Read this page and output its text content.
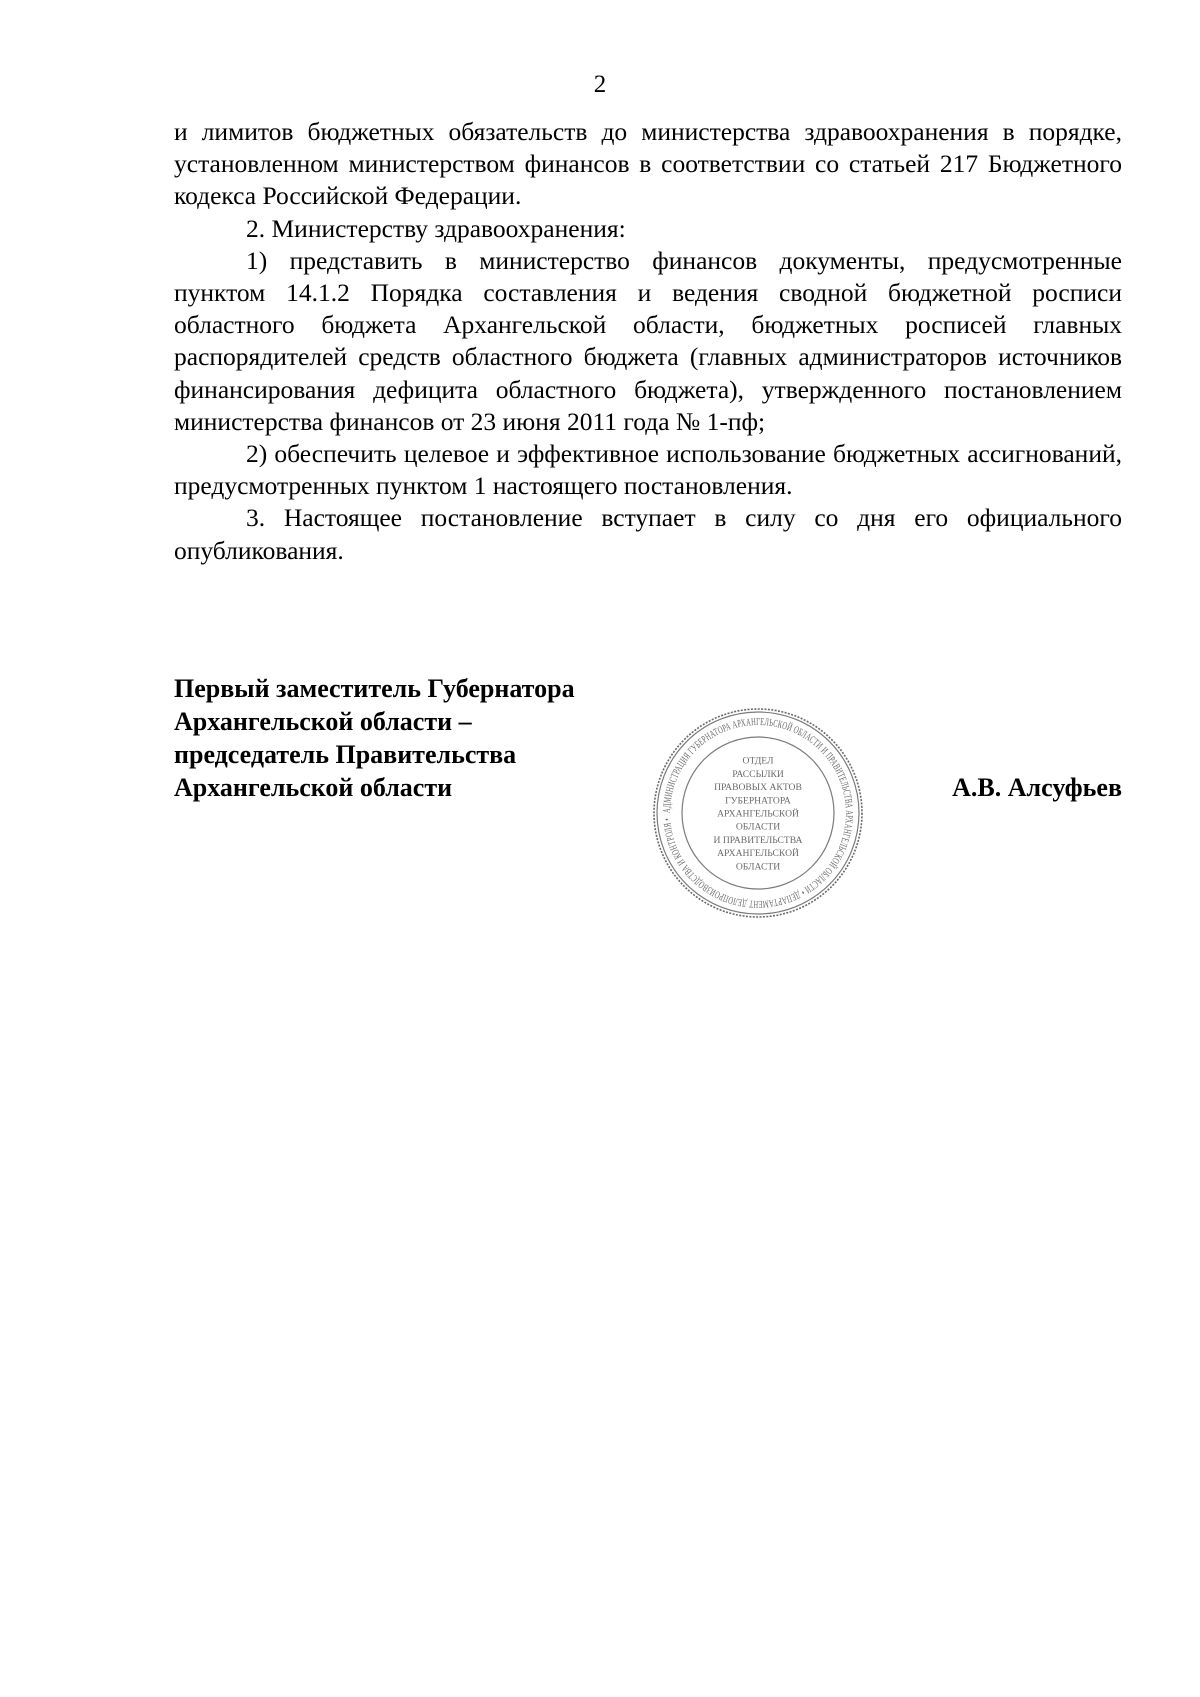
2

и лимитов бюджетных обязательств до министерства здравоохранения в порядке, установленном министерством финансов в соответствии со статьей 217 Бюджетного кодекса Российской Федерации.

2. Министерству здравоохранения:

1) представить в министерство финансов документы, предусмотренные пунктом 14.1.2 Порядка составления и ведения сводной бюджетной росписи областного бюджета Архангельской области, бюджетных росписей главных распорядителей средств областного бюджета (главных администраторов источников финансирования дефицита областного бюджета), утвержденного постановлением министерства финансов от 23 июня 2011 года № 1-пф;

2) обеспечить целевое и эффективное использование бюджетных ассигнований, предусмотренных пунктом 1 настоящего постановления.

3. Настоящее постановление вступает в силу со дня его официального опубликования.

Первый заместитель Губернатора
Архангельской области –
председатель Правительства
Архангельской области
АДМИНИСТРАЦИЯ ГУБЕРНАТОРА АРХАНГЕЛЬСКОЙ ОБЛАСТИ И ПРАВИТЕЛЬСТВА АРХАНГЕЛЬСКОЙ ОБЛАСТИ • ДЕПАРТАМЕНТ ДЕЛОПРОИЗВОДСТВА И КОНТРОЛЯ •
ОТДЕЛ
РАССЫЛКИ
ПРАВОВЫХ АКТОВ
ГУБЕРНАТОРА
АРХАНГЕЛЬСКОЙ
ОБЛАСТИ
И ПРАВИТЕЛЬСТВА
АРХАНГЕЛЬСКОЙ
ОБЛАСТИ
А.В. Алсуфьев
